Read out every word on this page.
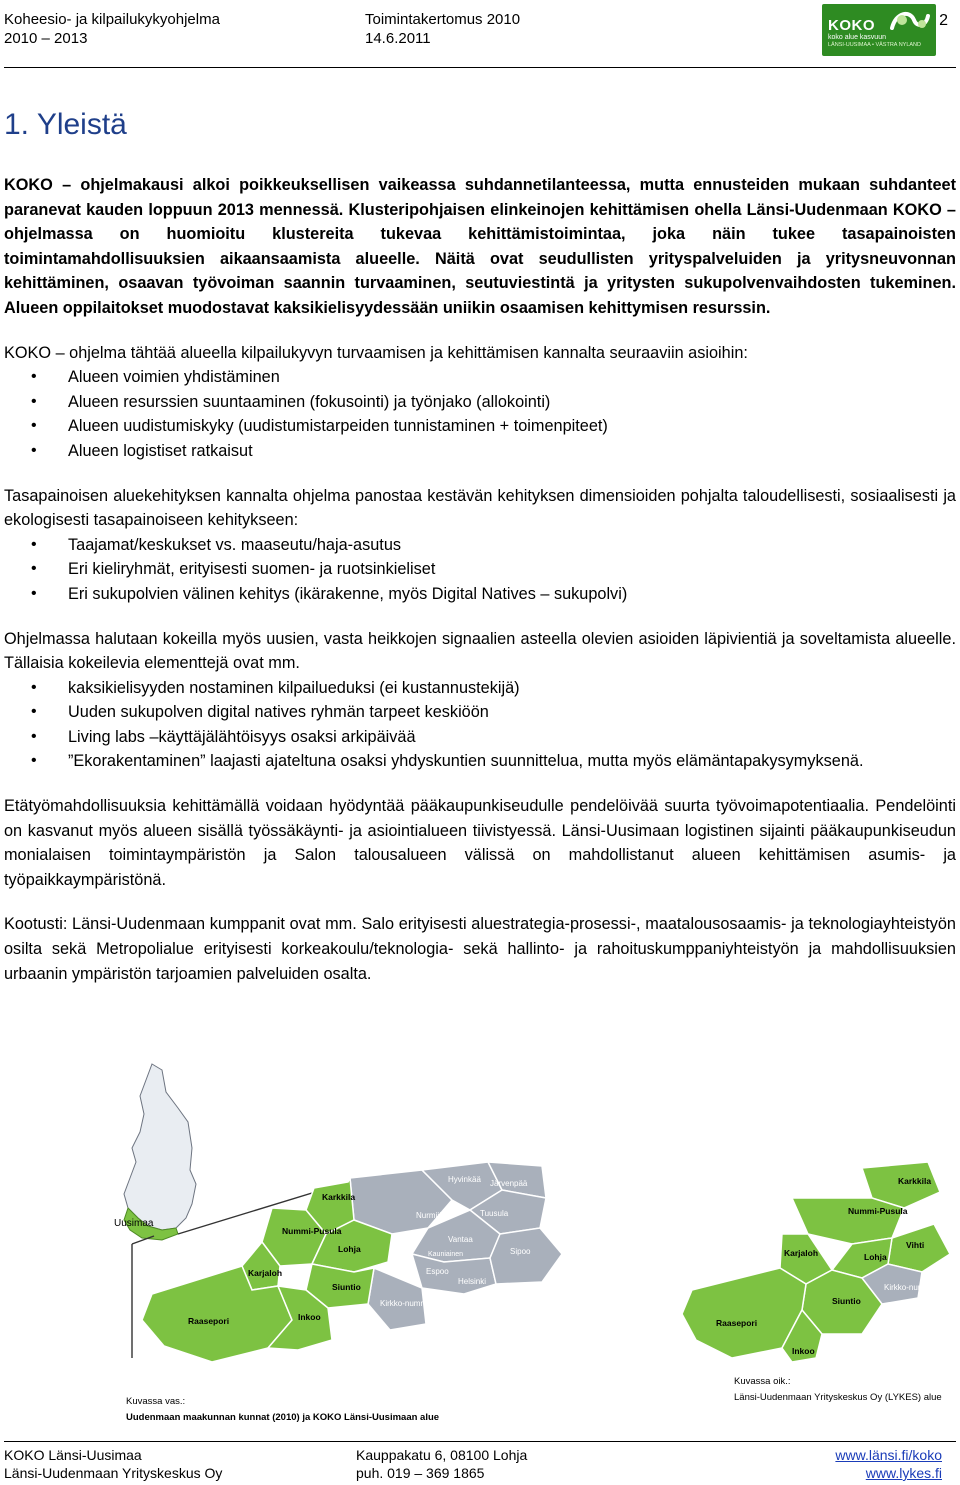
Koheesio- ja kilpailukykyohjelma
2010 – 2013
Toimintakertomus 2010
14.6.2011
KOKO
koko alue kasvuun
LÄNSI-UUSIMAA • VÄSTRA NYLAND
2
1. Yleistä

KOKO – ohjelmakausi alkoi poikkeuksellisen vaikeassa suhdannetilanteessa, mutta ennusteiden mukaan suhdanteet paranevat kauden loppuun 2013 mennessä. Klusteripohjaisen elinkeinojen kehittämisen ohella Länsi-Uudenmaan KOKO – ohjelmassa on huomioitu klustereita tukevaa kehittämistoimintaa, joka näin tukee tasapainoisten toimintamahdollisuuksien aikaansaamista alueelle. Näitä ovat seudullisten yrityspalveluiden ja yritysneuvonnan kehittäminen, osaavan työvoiman saannin turvaaminen, seutuviestintä ja yritysten sukupolvenvaihdosten tukeminen. Alueen oppilaitokset muodostavat kaksikielisyydessään uniikin osaamisen kehittymisen resurssin.

KOKO – ohjelma tähtää alueella kilpailukyvyn turvaamisen ja kehittämisen kannalta seuraaviin asioihin:

• Alueen voimien yhdistäminen
• Alueen resurssien suuntaaminen (fokusointi) ja työnjako (allokointi)
• Alueen uudistumiskyky (uudistumistarpeiden tunnistaminen + toimenpiteet)
• Alueen logistiset ratkaisut

Tasapainoisen aluekehityksen kannalta ohjelma panostaa kestävän kehityksen dimensioiden pohjalta taloudellisesti, sosiaalisesti ja ekologisesti tasapainoiseen kehitykseen:

• Taajamat/keskukset vs. maaseutu/haja-asutus
• Eri kieliryhmät, erityisesti suomen- ja ruotsinkieliset
• Eri sukupolvien välinen kehitys (ikärakenne, myös Digital Natives – sukupolvi)

Ohjelmassa halutaan kokeilla myös uusien, vasta heikkojen signaalien asteella olevien asioiden läpivientiä ja soveltamista alueelle. Tällaisia kokeilevia elementtejä ovat mm.

• kaksikielisyyden nostaminen kilpailueduksi (ei kustannustekijä)
• Uuden sukupolven digital natives ryhmän tarpeet keskiöön
• Living labs –käyttäjälähtöisyys osaksi arkipäivää
• ”Ekorakentaminen” laajasti ajateltuna osaksi yhdyskuntien suunnittelua, mutta myös elämäntapakysymyksenä.

Etätyömahdollisuuksia kehittämällä voidaan hyödyntää pääkaupunkiseudulle pendelöivää suurta työvoimapotentiaalia. Pendelöinti on kasvanut myös alueen sisällä työssäkäynti- ja asiointialueen tiivistyessä. Länsi-Uusimaan logistinen sijainti pääkaupunkiseudun monialaisen toimintaympäristön ja Salon talousalueen välissä on mahdollistanut alueen kehittämisen asumis- ja työpaikkaympäristönä.

Kootusti: Länsi-Uudenmaan kumppanit ovat mm. Salo erityisesti aluestrategia-prosessi-, maatalousosaamis- ja teknologiayhteistyön osilta sekä Metropolialue erityisesti korkeakoulu/teknologia- sekä hallinto- ja rahoituskumppaniyhteistyön ja mahdollisuuksien urbaanin ympäristön tarjoamien palveluiden osalta.

Uusimaa
Karkkila
Nummi-Pusula
Lohja
Karjaloh
Siuntio
Raasepori	Inkoo
Hyvinkää
Nurmijärvi
Järvenpää
Tuusula
Vantaa
Espoo
Kauniainen
Helsinki
Sipoo
Kirkko-nummi
Kuvassa vas.:
Uudenmaan maakunnan kunnat (2010) ja KOKO Länsi-Uusimaan alue
Karkkila
Nummi-Pusula
Lohja
Karjaloh
Siuntio
Raasepori
Inkoo
Vihti
Kirkko-nummi
Kuvassa oik.:
Länsi-Uudenmaan Yrityskeskus Oy (LYKES) alue
KOKO Länsi-Uusimaa
Länsi-Uudenmaan Yrityskeskus Oy
Kauppakatu 6, 08100 Lohja
puh. 019 – 369 1865
www.länsi.fi/koko
www.lykes.fi
